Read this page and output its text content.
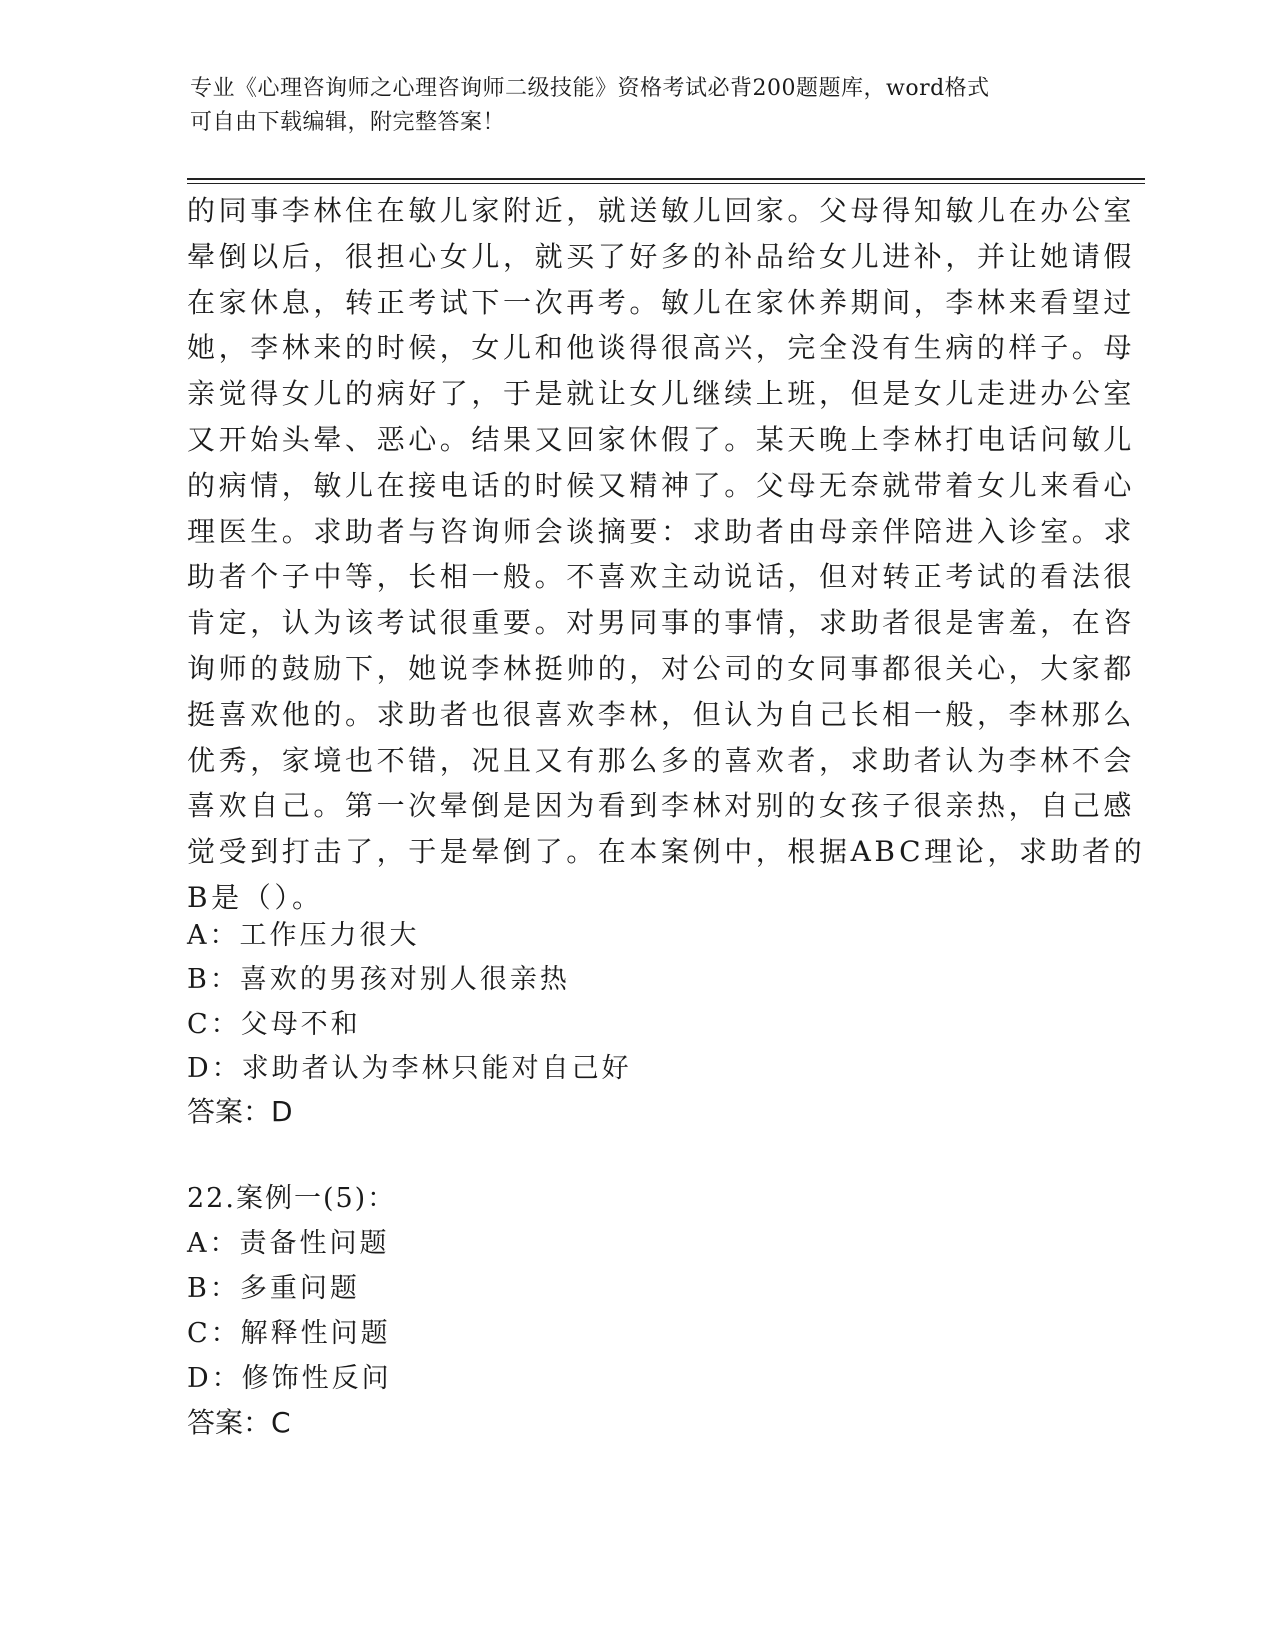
专业《心理咨询师之心理咨询师二级技能》资格考试必背200题题库，word格式
可自由下载编辑，附完整答案！
的同事李林住在敏儿家附近，就送敏儿回家。父母得知敏儿在办公室
晕倒以后，很担心女儿，就买了好多的补品给女儿进补，并让她请假
在家休息，转正考试下一次再考。敏儿在家休养期间，李林来看望过
她，李林来的时候，女儿和他谈得很高兴，完全没有生病的样子。母
亲觉得女儿的病好了，于是就让女儿继续上班，但是女儿走进办公室
又开始头晕、恶心。结果又回家休假了。某天晚上李林打电话问敏儿
的病情，敏儿在接电话的时候又精神了。父母无奈就带着女儿来看心
理医生。求助者与咨询师会谈摘要：求助者由母亲伴陪进入诊室。求
助者个子中等，长相一般。不喜欢主动说话，但对转正考试的看法很
肯定，认为该考试很重要。对男同事的事情，求助者很是害羞，在咨
询师的鼓励下，她说李林挺帅的，对公司的女同事都很关心，大家都
挺喜欢他的。求助者也很喜欢李林，但认为自己长相一般，李林那么
优秀，家境也不错，况且又有那么多的喜欢者，求助者认为李林不会
喜欢自己。第一次晕倒是因为看到李林对别的女孩子很亲热，自己感
觉受到打击了，于是晕倒了。在本案例中，根据ABC理论，求助者的
B是（）。
A：工作压力很大
B：喜欢的男孩对别人很亲热
C：父母不和
D：求助者认为李林只能对自己好
答案：D
22.案例一(5)：
A：责备性问题
B：多重问题
C：解释性问题
D：修饰性反问
答案：C
